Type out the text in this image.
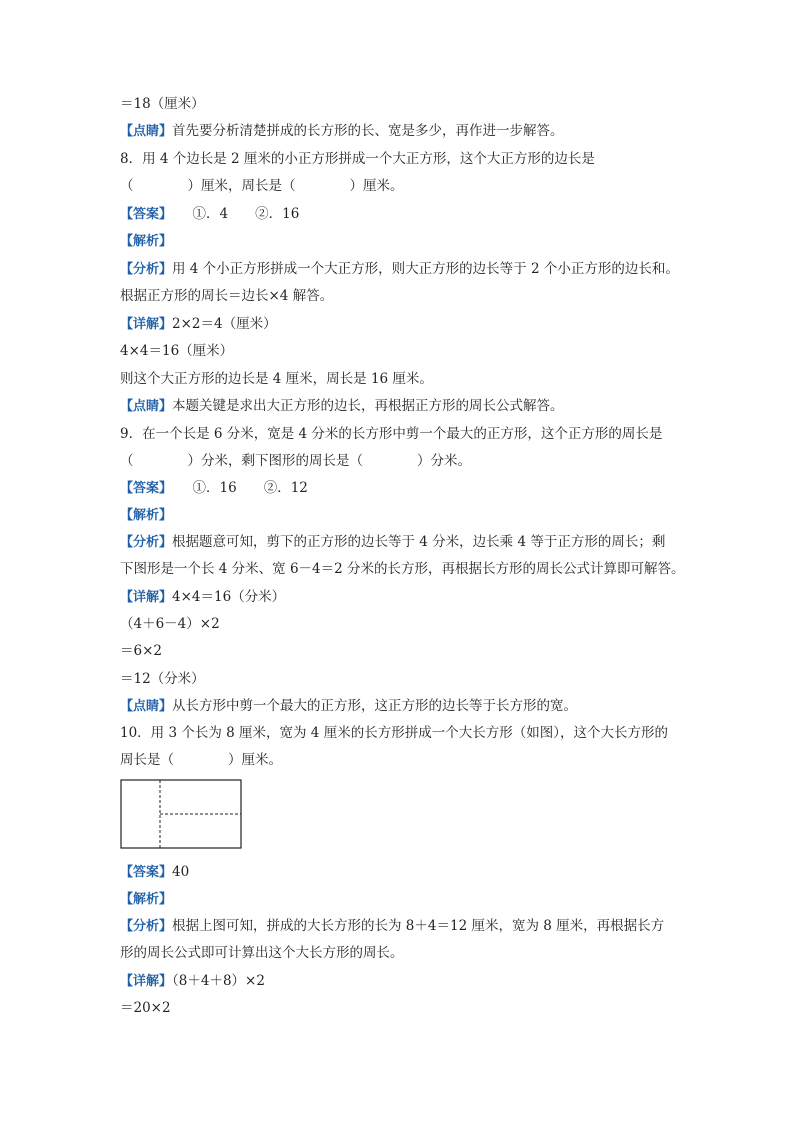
＝18（厘米）
【点睛】首先要分析清楚拼成的长方形的长、宽是多少，再作进一步解答。
8．用 4 个边长是 2 厘米的小正方形拼成一个大正方形，这个大正方形的边长是
（　　　　）厘米，周长是（　　　　）厘米。
【答案】　　①．4　　②．16
【解析】
【分析】用 4 个小正方形拼成一个大正方形，则大正方形的边长等于 2 个小正方形的边长和。
根据正方形的周长＝边长×4 解答。
【详解】2×2＝4（厘米）
4×4＝16（厘米）
则这个大正方形的边长是 4 厘米，周长是 16 厘米。
【点睛】本题关键是求出大正方形的边长，再根据正方形的周长公式解答。
9．在一个长是 6 分米，宽是 4 分米的长方形中剪一个最大的正方形，这个正方形的周长是
（　　　　）分米，剩下图形的周长是（　　　　）分米。
【答案】　　①．16　　②．12
【解析】
【分析】根据题意可知，剪下的正方形的边长等于 4 分米，边长乘 4 等于正方形的周长；剩
下图形是一个长 4 分米、宽 6－4＝2 分米的长方形，再根据长方形的周长公式计算即可解答。
【详解】4×4＝16（分米）
（4＋6－4）×2
＝6×2
＝12（分米）
【点睛】从长方形中剪一个最大的正方形，这正方形的边长等于长方形的宽。
10．用 3 个长为 8 厘米，宽为 4 厘米的长方形拼成一个大长方形（如图），这个大长方形的
周长是（　　　　）厘米。
【答案】40
【解析】
【分析】根据上图可知，拼成的大长方形的长为 8＋4＝12 厘米，宽为 8 厘米，再根据长方
形的周长公式即可计算出这个大长方形的周长。
【详解】（8＋4＋8）×2
＝20×2
